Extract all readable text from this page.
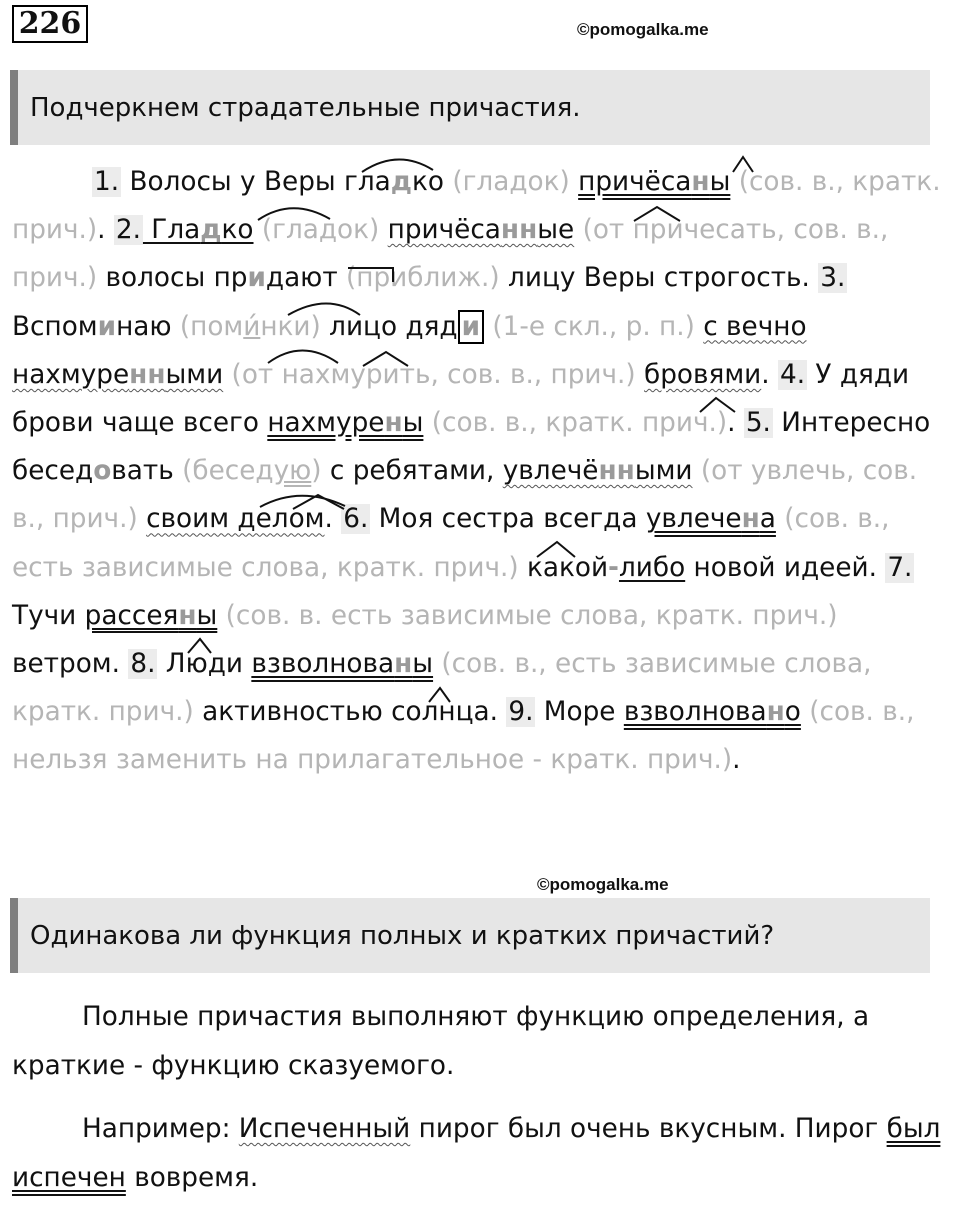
226	©pomogalka.me
Подчеркнем страдательные причастия.

1. Волосы у Веры гладко (гладок) причёсаны (сов. в., кратк. прич.). 2. Гладко (гладок) причёсанные (от причесать, сов. в., прич.) волосы придают (приближ.) лицу Веры строгость. 3. Вспоминаю (поми́нки) лицо дяд и (1-е скл., р. п.) с вечно нахмуренными (от нахмурить, сов. в., прич.) бровями. 4. У дяди брови чаще всего нахмурены (сов. в., кратк. прич.). 5. Интересно беседовать (беседую) с ребятами, увлечёнными (от увлечь, сов. в., прич.) своим делом. 6. Моя сестра всегда увлечена (сов. в., есть зависимые слова, кратк. прич.) какой-либо новой идеей. 7. Тучи рассеяны (сов. в. есть зависимые слова, кратк. прич.) ветром. 8. Люди взволнованы (сов. в., есть зависимые слова, кратк. прич.) активностью солнца. 9. Море взволновано (сов. в., нельзя заменить на прилагательное - кратк. прич.).

©pomogalka.me
Одинакова ли функция полных и кратких причастий?

Полные причастия выполняют функцию определения, а краткие - функцию сказуемого.

Например: Испеченный пирог был очень вкусным. Пирог был испечен вовремя.
